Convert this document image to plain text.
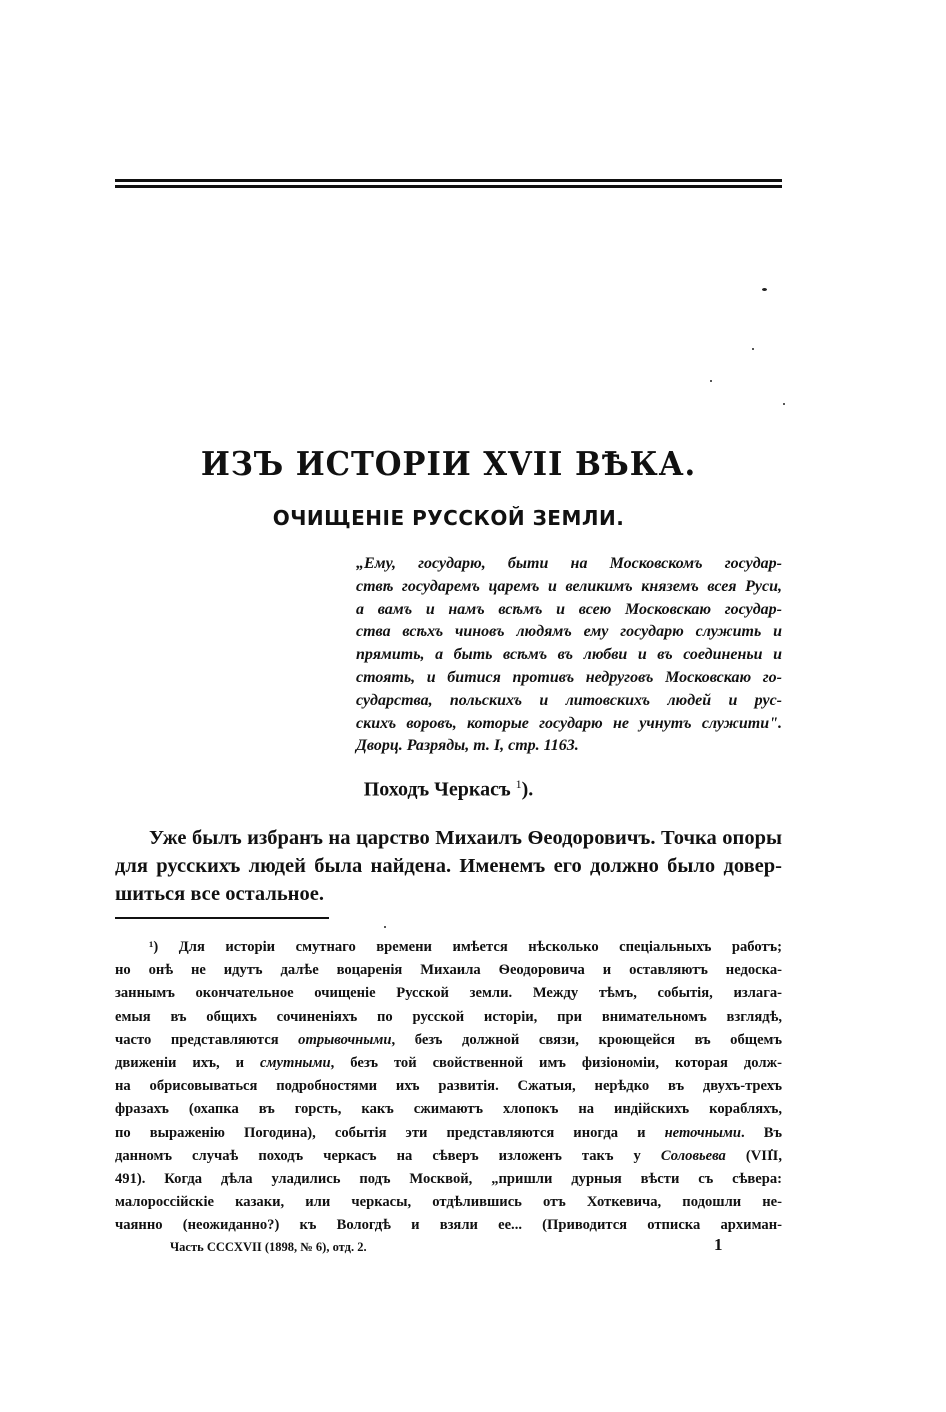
ИЗЪ ИСТОРІИ XVII ВѢКА.
ОЧИЩЕНІЕ РУССКОЙ ЗЕМЛИ.
„Ему, государю, быти на Московскомъ государ-
ствѣ государемъ царемъ и великимъ княземъ всея Руси,
а вамъ и намъ всѣмъ и всею Московскаю государ-
ства всѣхъ чиновъ людямъ ему государю служить и
прямить, а быть всѣмъ въ любви и въ соединеньи и
стоять, и битися противъ недруговъ Московскаю го-
сударства, польскихъ и литовскихъ людей и рус-
скихъ воровъ, которые государю не учнутъ служити".
Дворц. Разряды, т. I, стр. 1163.
Походъ Черкасъ $^1$).
Уже былъ избранъ на царство Михаилъ Ѳеодоровичъ. Точка опоры
для русскихъ людей была найдена. Именемъ его должно было довер-
шиться все остальное.
¹) Для исторіи смутнаго времени имѣется нѣсколько спеціальныхъ работъ;
но онѣ не идутъ далѣе воцаренія Михаила Ѳеодоровича и оставляютъ недоска-
заннымъ окончательное очищеніе Русской земли. Между тѣмъ, событія, излага-
емыя въ общихъ сочиненіяхъ по русской исторіи, при внимательномъ взглядѣ,
часто представляются отрывочными, безъ должной связи, кроющейся въ общемъ
движеніи ихъ, и смутными, безъ той свойственной имъ физіономіи, которая долж-
на обрисовываться подробностями ихъ развитія. Сжатыя, нерѣдко въ двухъ-трехъ
фразахъ (охапка въ горсть, какъ сжимаютъ хлопокъ на индійскихъ корабляхъ,
по выраженію Погодина), событія эти представляются иногда и неточными. Въ
данномъ случаѣ походъ черкасъ на сѣверъ изложенъ такъ у Соловьева (VIII,
491). Когда дѣла уладились подъ Москвой, „пришли дурныя вѣсти съ сѣвера:
малороссійскіе казаки, или черкасы, отдѣлившись отъ Хоткевича, подошли не-
чаянно (неожиданно?) къ Вологдѣ и взяли ее... (Приводится отписка архиман-
Часть CCCXVII (1898, № 6), отд. 2.	1
